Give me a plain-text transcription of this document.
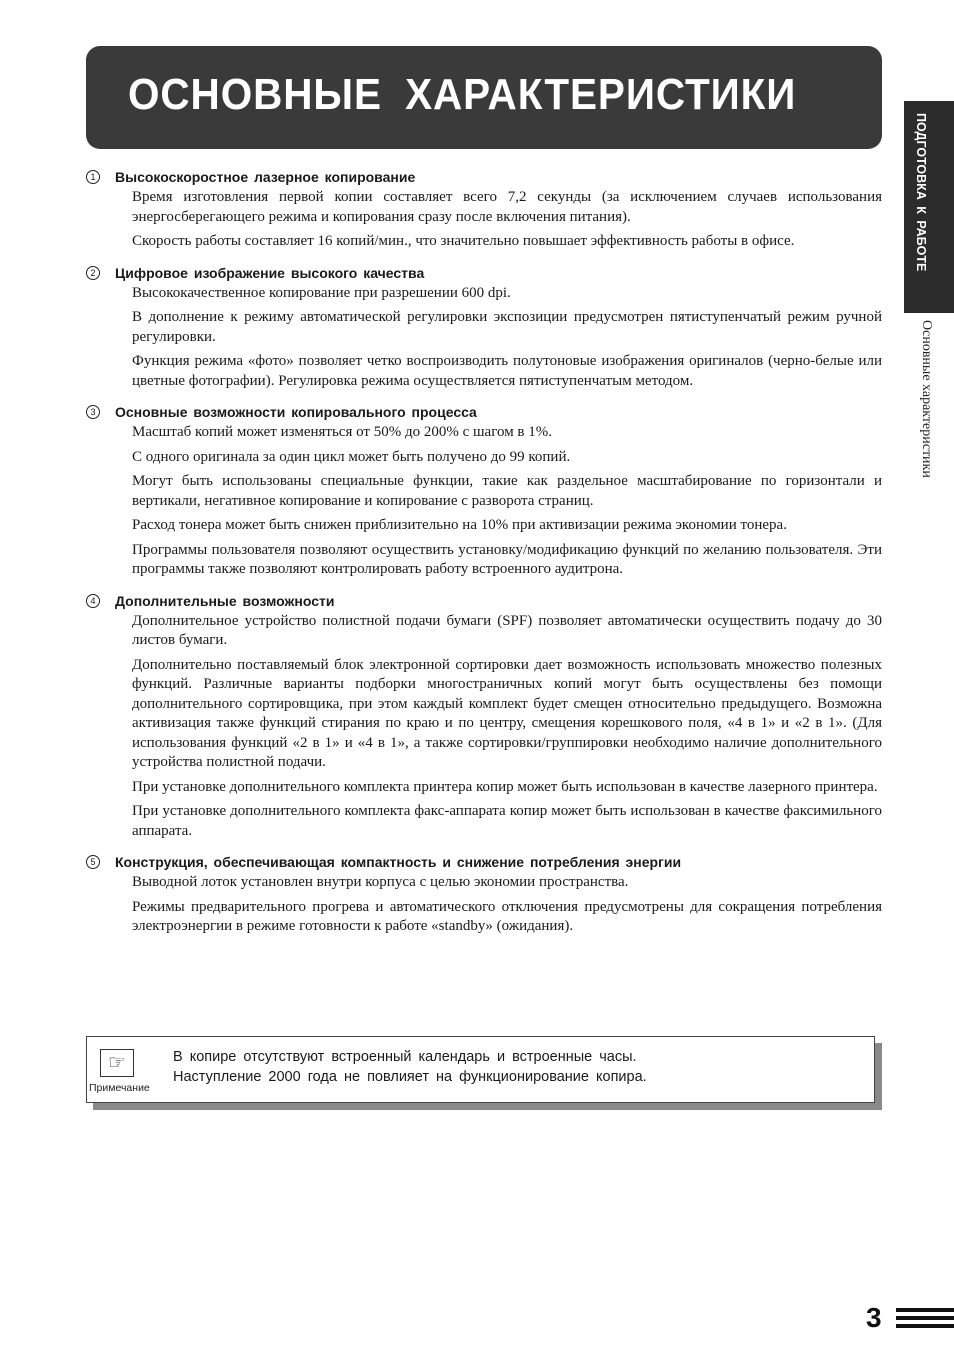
ОСНОВНЫЕ ХАРАКТЕРИСТИКИ
ПОДГОТОВКА К РАБОТЕ
Основные характеристики
1	Высокоскоростное лазерное копирование

Время изготовления первой копии составляет всего 7,2 секунды (за исключением случаев использования энергосберегающего режима и копирования сразу после включения питания).

Скорость работы составляет 16 копий/мин., что значительно повышает эффективность работы в офисе.

2	Цифровое изображение высокого качества

Высококачественное копирование при разрешении 600 dpi.

В дополнение к режиму автоматической регулировки экспозиции предусмотрен пятиступенчатый режим ручной регулировки.

Функция режима «фото» позволяет четко воспроизводить полутоновые изображения оригиналов (черно-белые или цветные фотографии). Регулировка режима осуществляется пятиступенчатым методом.

3	Основные возможности копировального процесса

Масштаб копий может изменяться от 50% до 200% с шагом в 1%.

С одного оригинала за один цикл может быть получено до 99 копий.

Могут быть использованы специальные функции, такие как раздельное масштабирование по горизонтали и вертикали, негативное копирование и копирование с разворота страниц.

Расход тонера может быть снижен приблизительно на 10% при активизации режима экономии тонера.

Программы пользователя позволяют осуществить установку/модификацию функций по желанию пользователя. Эти программы также позволяют контролировать работу встроенного аудитрона.

4	Дополнительные возможности

Дополнительное устройство полистной подачи бумаги (SPF) позволяет автоматически осуществить подачу до 30 листов бумаги.

Дополнительно поставляемый блок электронной сортировки дает возможность использовать множество полезных функций. Различные варианты подборки многостраничных копий могут быть осуществлены без помощи дополнительного сортировщика, при этом каждый комплект будет смещен относительно предыдущего. Возможна активизация также функций стирания по краю и по центру, смещения корешкового поля, «4 в 1» и «2 в 1». (Для использования функций «2 в 1» и «4 в 1», а также сортировки/группировки необходимо наличие дополнительного устройства полистной подачи.

При установке дополнительного комплекта принтера копир может быть использован в качестве лазерного принтера.

При установке дополнительного комплекта факс-аппарата копир может быть использован в качестве факсимильного аппарата.

5	Конструкция, обеспечивающая компактность и снижение потребления энергии

Выводной лоток установлен внутри корпуса с целью экономии пространства.

Режимы предварительного прогрева и автоматического отключения предусмотрены для сокращения потребления электроэнергии в режиме готовности к работе «standby» (ожидания).

☞
Примечание
В копире отсутствуют встроенный календарь и встроенные часы.
Наступление 2000 года не повлияет на функционирование копира.
3
